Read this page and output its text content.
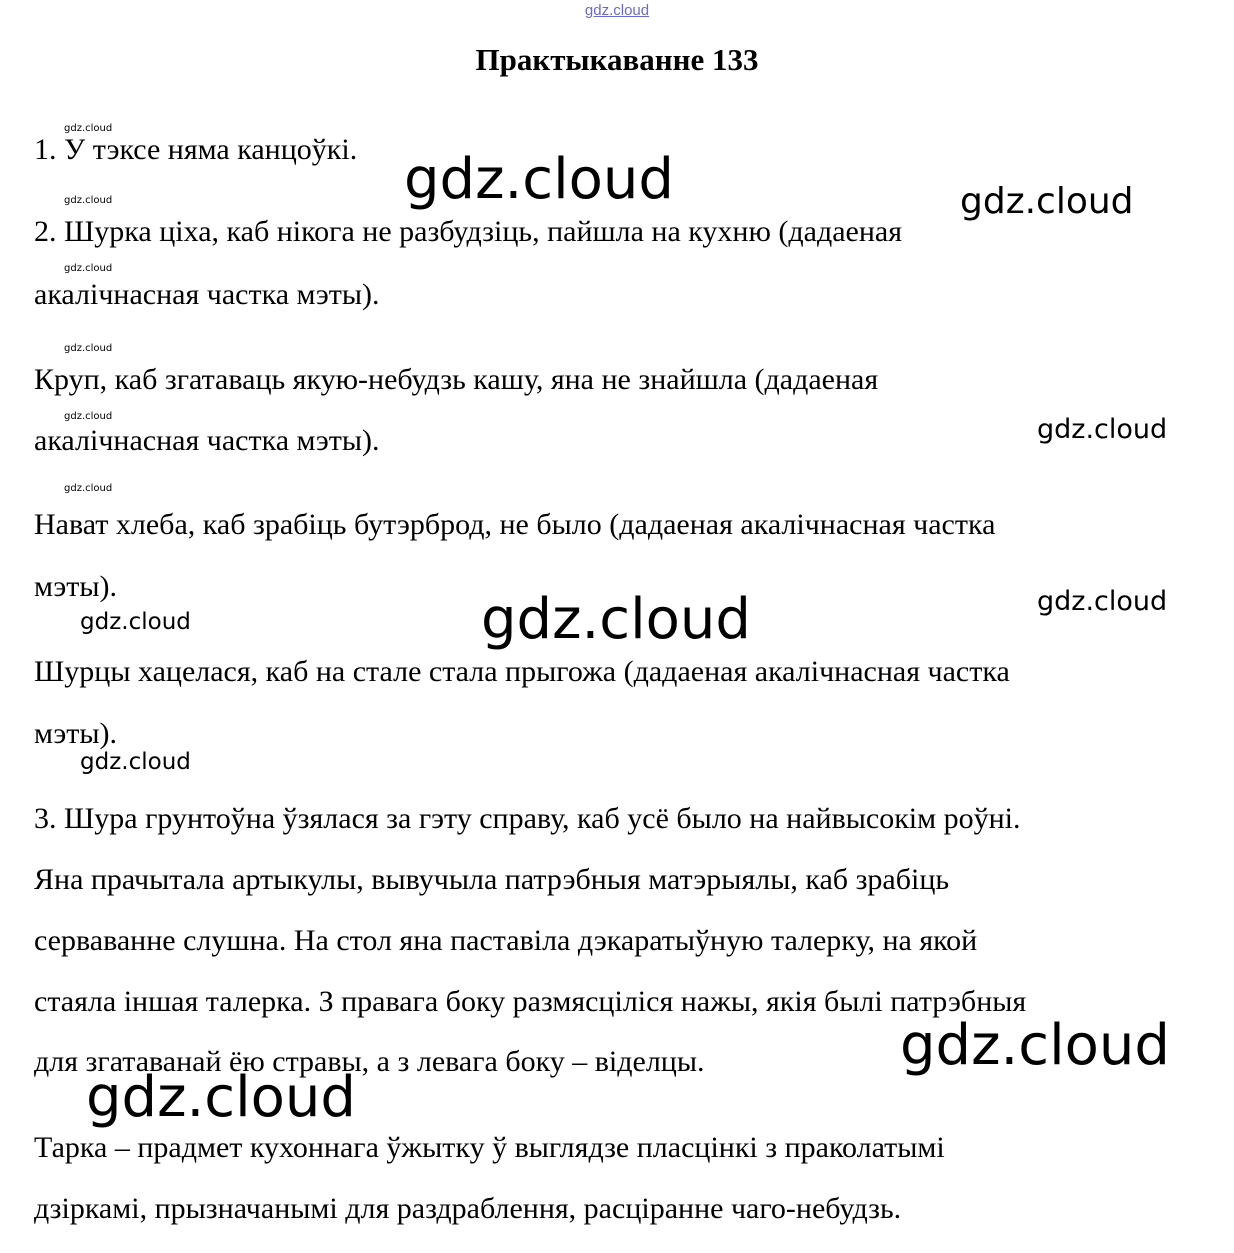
gdz.cloud
Практыкаванне 133
1. У тэксе няма канцоўкі.
2. Шурка ціха, каб нікога не разбудзіць, пайшла на кухню (дадаеная
акалічнасная частка мэты).
Круп, каб згатаваць якую-небудзь кашу, яна не знайшла (дадаеная
акалічнасная частка мэты).
Нават хлеба, каб зрабіць бутэрброд, не было (дадаеная акалічнасная частка
мэты).
Шурцы хацелася, каб на стале стала прыгожа (дадаеная акалічнасная частка
мэты).
3. Шура грунтоўна ўзялася за гэту справу, каб усё было на найвысокім роўні.
Яна прачытала артыкулы, вывучыла патрэбныя матэрыялы, каб зрабіць
серваванне слушна. На стол яна паставіла дэкаратыўную талерку, на якой
стаяла іншая талерка. З правага боку размясціліся нажы, якія былі патрэбныя
для згатаванай ёю стравы, а з левага боку – віделцы.
Тарка – прадмет кухоннага ўжытку ў выглядзе пласцінкі з праколатымі
дзіркамі, прызначанымі для раздраблення, расціранне чаго-небудзь.
gdz.cloud
gdz.cloud
gdz.cloud
gdz.cloud
gdz.cloud
gdz.cloud
gdz.cloud	gdz.cloud
gdz.cloud
gdz.cloud
gdz.cloud
gdz.cloud
gdz.cloud
gdz.cloud
gdz.cloud
